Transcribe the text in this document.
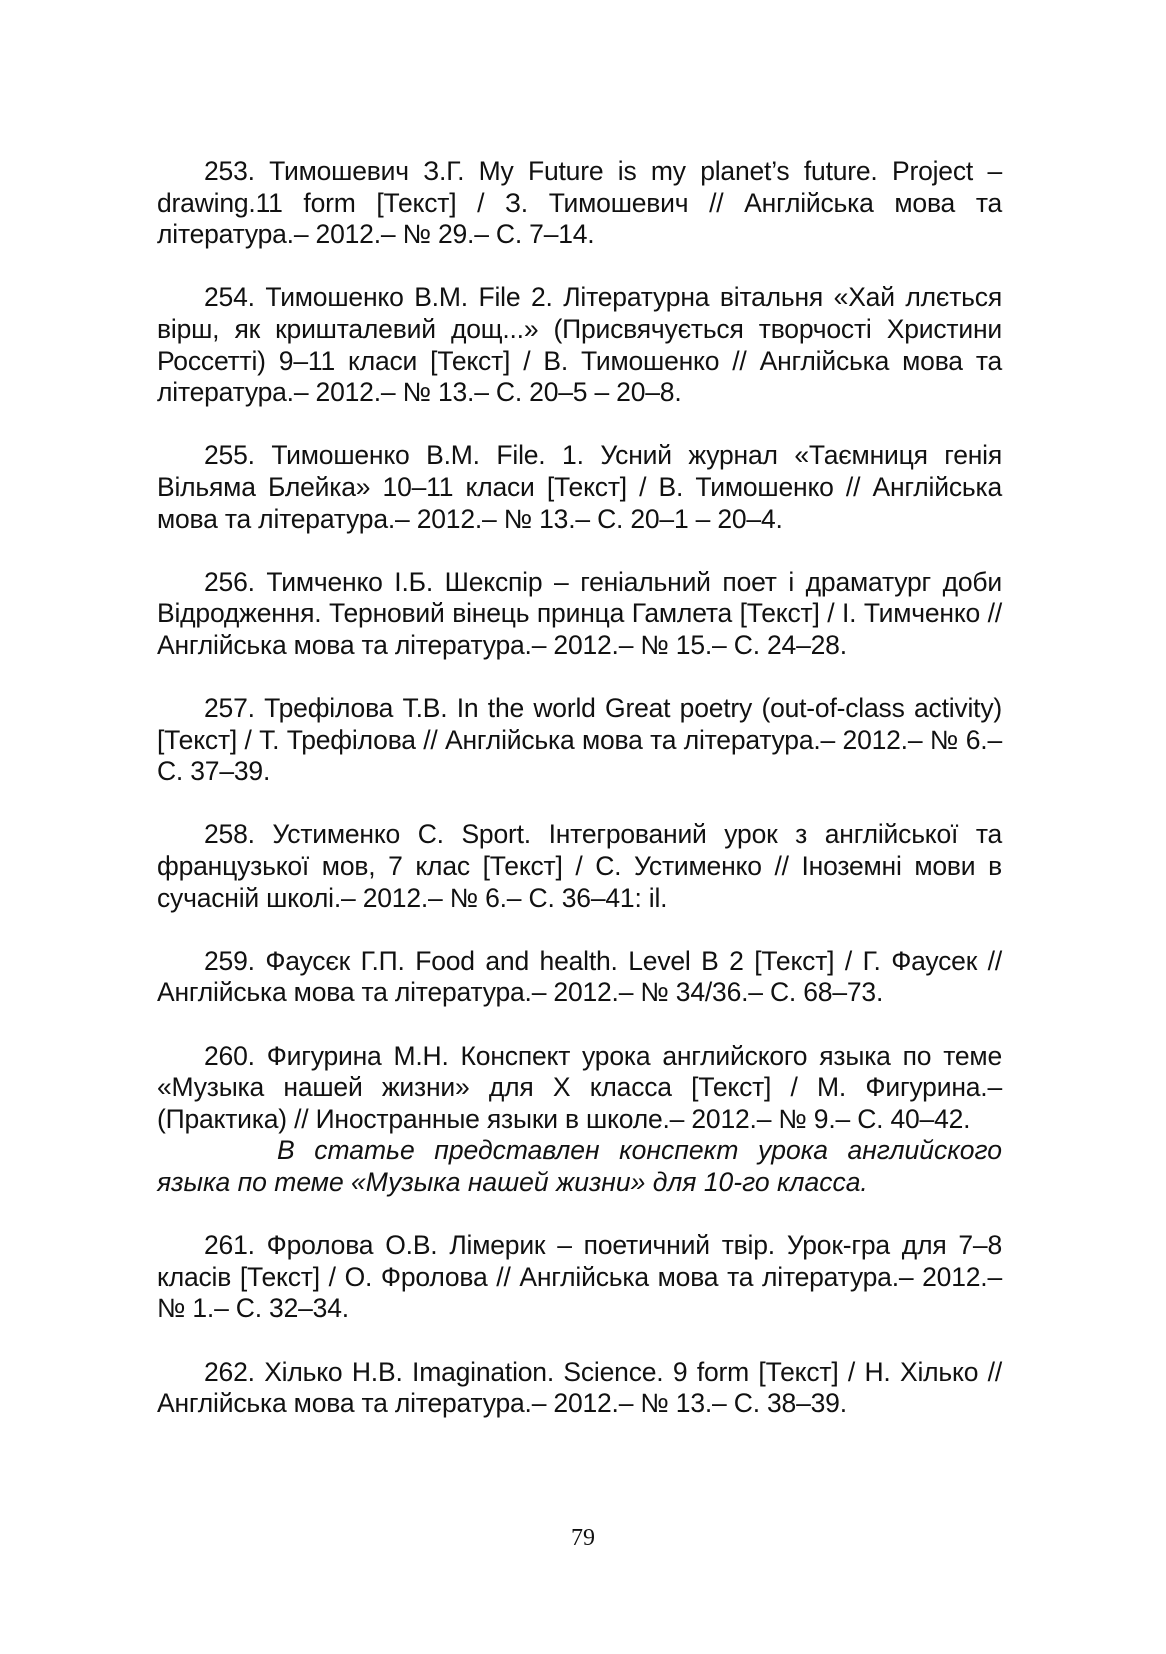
253. Тимошевич З.Г. My Future is my planet’s future. Project – drawing.11 form [Текст] / З. Тимошевич // Англійська мова та література.– 2012.– № 29.– С. 7–14.

254. Тимошенко В.М. File 2. Літературна вітальня «Хай ллється вірш, як кришталевий дощ...» (Присвячується творчості Христини Россетті) 9–11 класи [Текст] / В. Тимошенко // Англійська мова та література.– 2012.– № 13.– С. 20–5 – 20–8.

255. Тимошенко В.М. File. 1. Усний журнал «Таємниця генія Вільяма Блейка» 10–11 класи [Текст] / В. Тимошенко // Англійська мова та література.– 2012.– № 13.– С. 20–1 – 20–4.

256. Тимченко І.Б. Шекспір – геніальний поет і драматург доби Відродження. Терновий вінець принца Гамлета [Текст] / І. Тимченко // Англійська мова та література.– 2012.– № 15.– С. 24–28.

257. Трефілова Т.В. In the world Great poetry (out-of-class activity) [Текст] / Т. Трефілова // Англійська мова та література.– 2012.– № 6.– С. 37–39.

258. Устименко С. Sport. Інтегрований урок з англійської та французької мов, 7 клас [Текст] / С. Устименко // Іноземні мови в сучасній школі.– 2012.– № 6.– С. 36–41: il.

259. Фаусєк Г.П. Food and health. Level B 2 [Текст] / Г. Фаусек // Англійська мова та література.– 2012.– № 34/36.– С. 68–73.

260. Фигурина М.Н. Конспект урока английского языка по теме «Музыка нашей жизни» для Х класса [Текст] / М. Фигурина.– (Практика) // Иностранные языки в школе.– 2012.– № 9.– С. 40–42.

В статье представлен конспект урока английского языка по теме «Музыка нашей жизни» для 10-го класса.

261. Фролова О.В. Лімерик – поетичний твір. Урок-гра для 7–8 класів [Текст] / О. Фролова // Англійська мова та література.– 2012.– № 1.– С. 32–34.

262. Хілько Н.В. Imagination. Science. 9 form [Текст] / Н. Хілько // Англійська мова та література.– 2012.– № 13.– С. 38–39.

79
